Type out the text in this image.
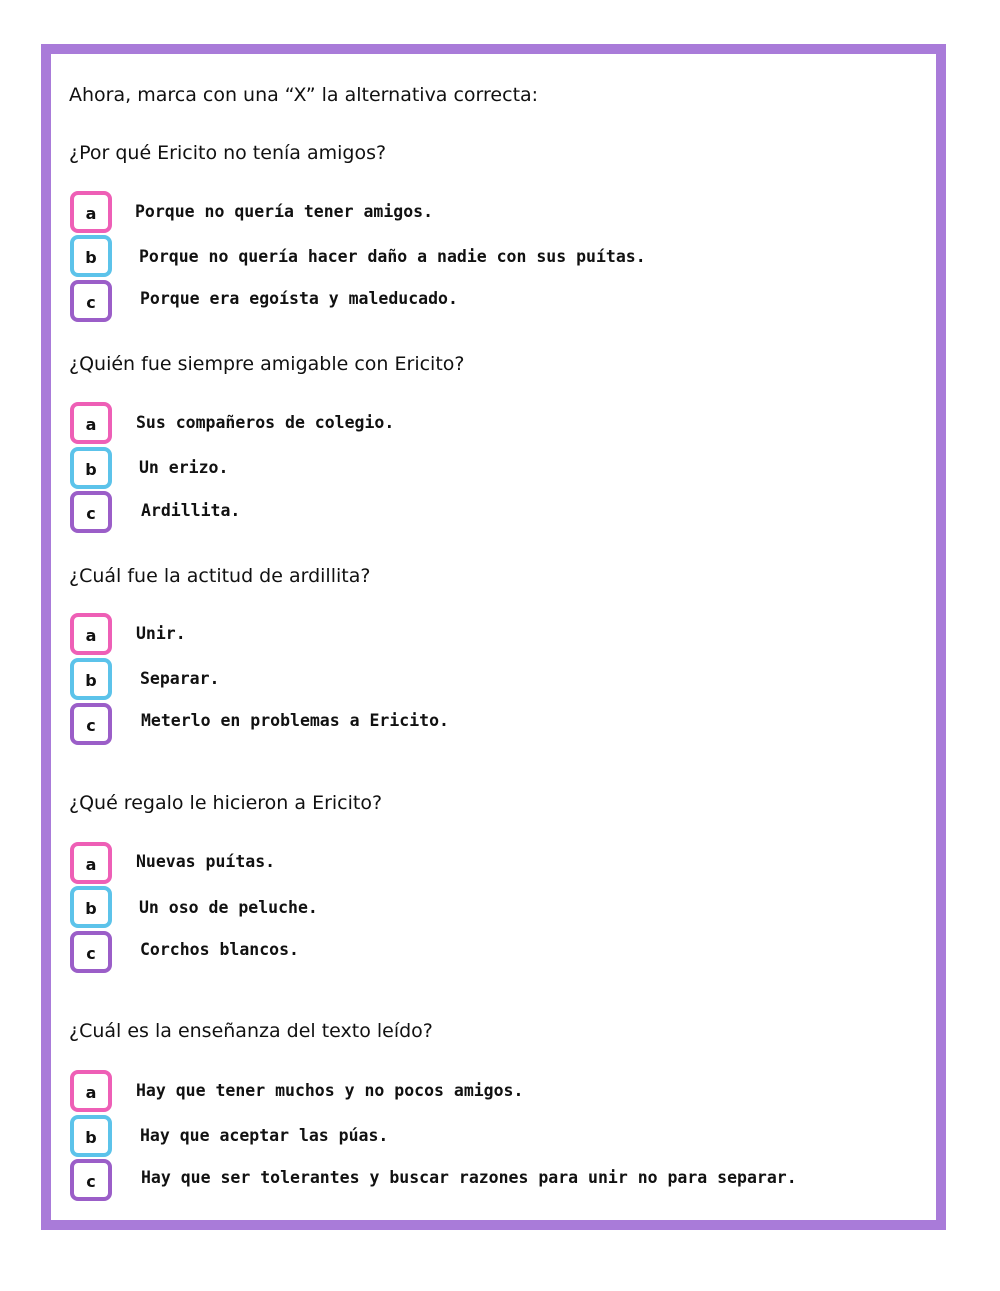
Ahora, marca con una “X” la alternativa correcta:
¿Por qué Ericito no tenía amigos?
a	Porque no quería tener amigos.
b	Porque no quería hacer daño a nadie con sus puítas.
c	Porque era egoísta y maleducado.
¿Quién fue siempre amigable con Ericito?
a	Sus compañeros de colegio.
b	Un erizo.
c	Ardillita.
¿Cuál fue la actitud de ardillita?
a	Unir.
b	Separar.
c	Meterlo en problemas a Ericito.
¿Qué regalo le hicieron a Ericito?
a	Nuevas puítas.
b	Un oso de peluche.
c	Corchos blancos.
¿Cuál es la enseñanza del texto leído?
a	Hay que tener muchos y no pocos amigos.
b	Hay que aceptar las púas.
c	Hay que ser tolerantes y buscar razones para unir no para separar.
